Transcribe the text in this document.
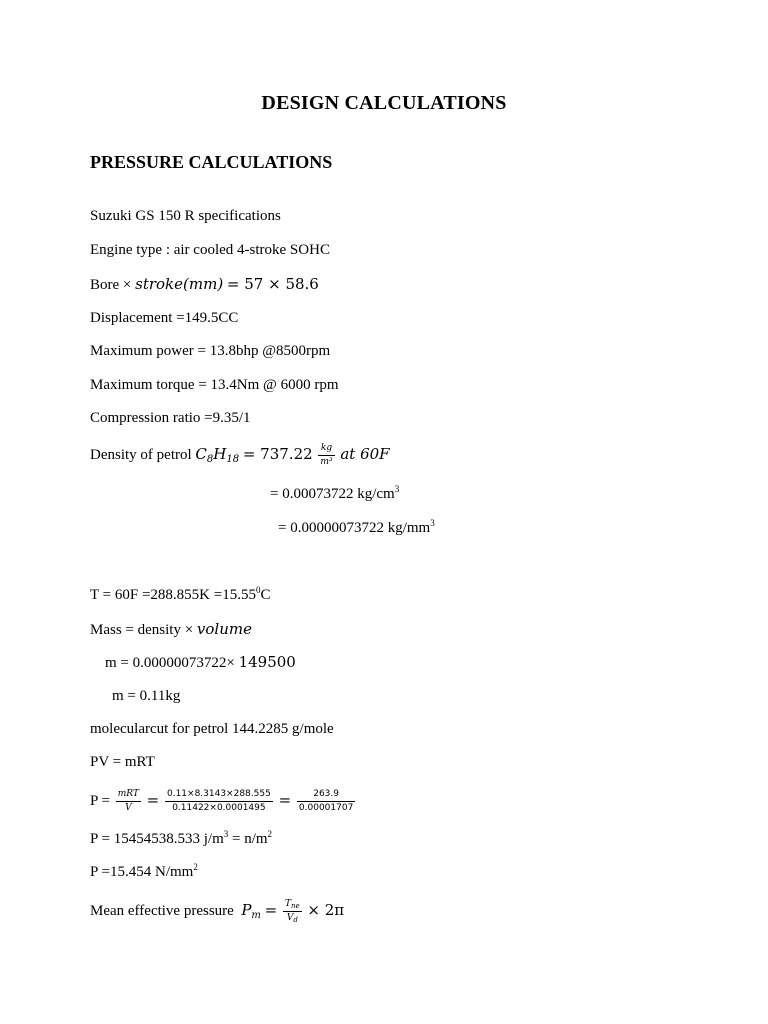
DESIGN CALCULATIONS
PRESSURE CALCULATIONS
Suzuki GS 150 R specifications
Engine type : air cooled 4-stroke SOHC
Bore × stroke(mm) = 57 × 58.6
Displacement =149.5CC
Maximum power = 13.8bhp @8500rpm
Maximum torque = 13.4Nm @ 6000 rpm
Compression ratio =9.35/1
Density of petrol $C_8H_{18} = 737.22 \frac{kg}{\text{m³}}$ at 60F
= 0.00073722 $kg/cm^3$
= 0.00000073722 $kg/mm^3$
$T = 60F =288.855K =15.55^0C$
Mass = density × volume
m = 0.00000073722× 149500
m = 0.11kg
molecularcut for petrol 144.2285 g/mole
PV = mRT
$P = \frac{\text{mRT}}{V} = \frac{0.11\times 8.3143\times 288.555}{0.11422\times 0.0001495} = \frac{263.9}{0.00001707}$
P = 15454538.533 $j/m^3 = n/m^2$
P =15.454 $N/mm^2$
Mean effective pressure $P_m = \frac{T_{ne}}{V_d} \times 2\pi$
